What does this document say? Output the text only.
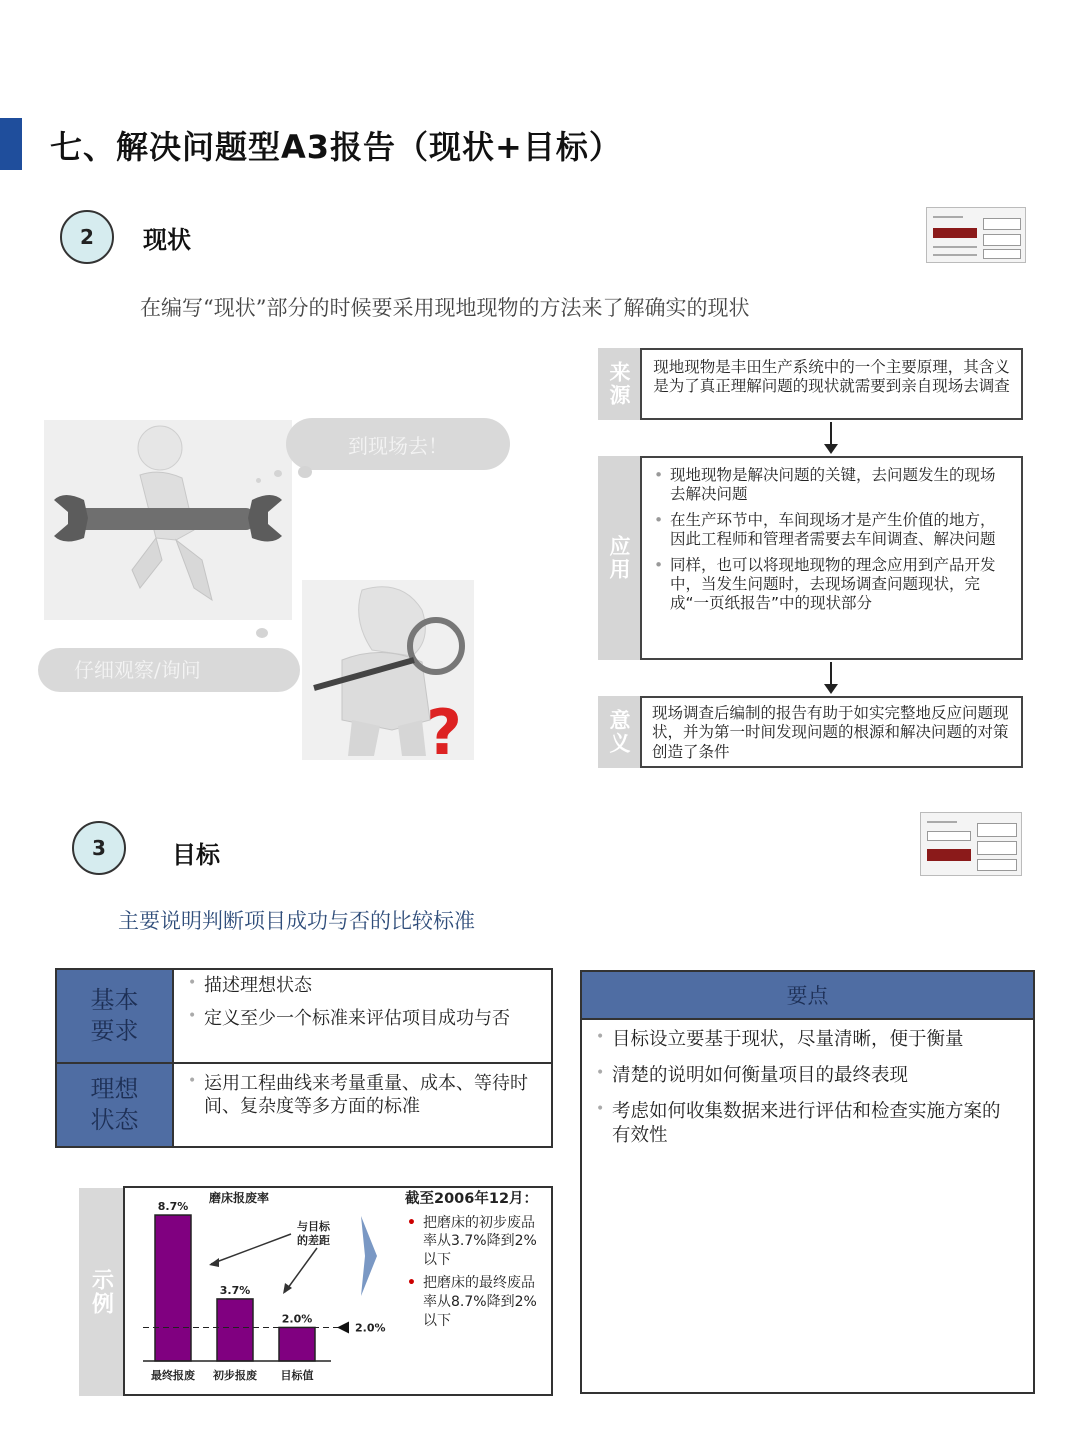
七、解决问题型A3报告（现状+目标）
2	现状
在编写“现状”部分的时候要采用现地现物的方法来了解确实的现状
到现场去！
仔细观察/询问
?
来源	现地现物是丰田生产系统中的一个主要原理，其含义是为了真正理解问题的现状就需要到亲自现场去调查
应用
• 现地现物是解决问题的关键，去问题发生的现场去解决问题
• 在生产环节中，车间现场才是产生价值的地方，因此工程师和管理者需要去车间调查、解决问题
• 同样，也可以将现地现物的理念应用到产品开发中，当发生问题时，去现场调查问题现状，完成“一页纸报告”中的现状部分
意义	现场调查后编制的报告有助于如实完整地反应问题现状，并为第一时间发现问题的根源和解决问题的对策创造了条件
3	目标
主要说明判断项目成功与否的比较标准
基本要求
• 描述理想状态
• 定义至少一个标准来评估项目成功与否
理想状态
• 运用工程曲线来考量重量、成本、等待时间、复杂度等多方面的标准
要点
• 目标设立要基于现状，尽量清晰，便于衡量
• 清楚的说明如何衡量项目的最终表现
• 考虑如何收集数据来进行评估和检查实施方案的有效性
示例
磨床报废率
8.7%
最终报废
3.7%
初步报废
2.0%
目标值
2.0%
与目标
的差距
截至2006年12月：
• 把磨床的初步废品率从3.7%降到2%以下
• 把磨床的最终废品率从8.7%降到2%以下
